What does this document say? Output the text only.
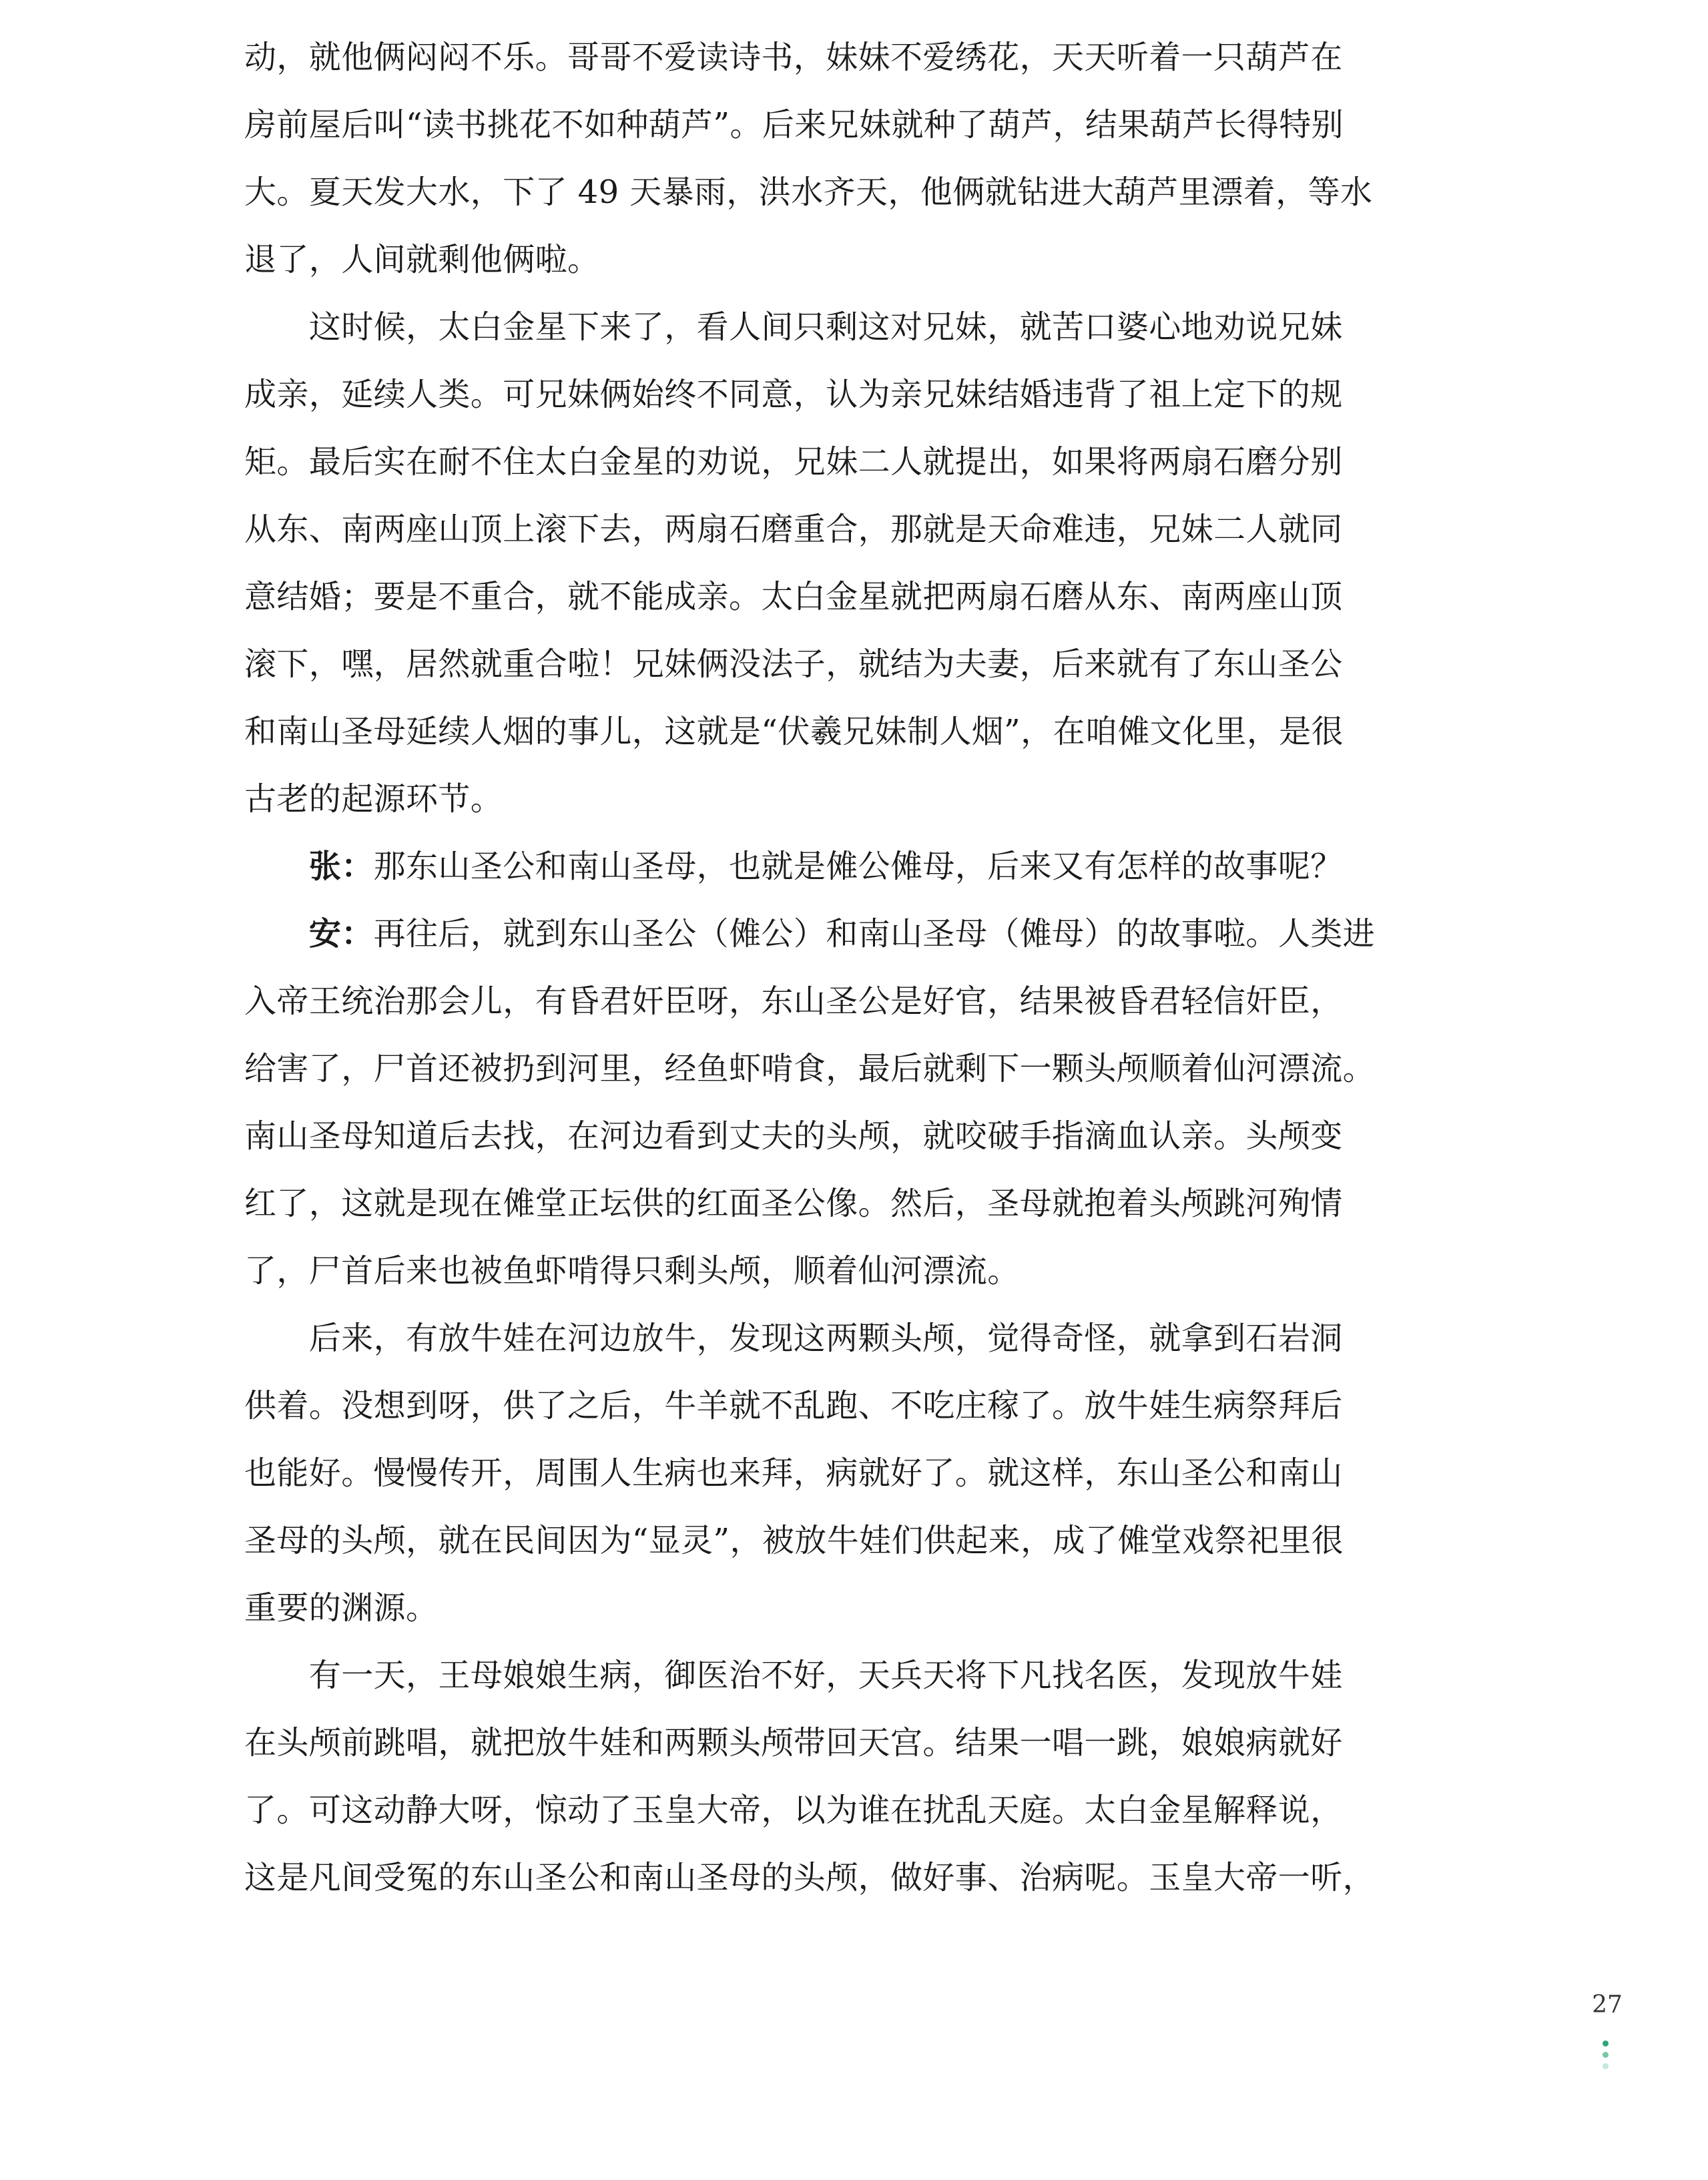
动，就他俩闷闷不乐。哥哥不爱读诗书，妹妹不爱绣花，天天听着一只葫芦在
房前屋后叫“读书挑花不如种葫芦”。后来兄妹就种了葫芦，结果葫芦长得特别
大。夏天发大水，下了 49 天暴雨，洪水齐天，他俩就钻进大葫芦里漂着，等水
退了，人间就剩他俩啦。
　　这时候，太白金星下来了，看人间只剩这对兄妹，就苦口婆心地劝说兄妹
成亲，延续人类。可兄妹俩始终不同意，认为亲兄妹结婚违背了祖上定下的规
矩。最后实在耐不住太白金星的劝说，兄妹二人就提出，如果将两扇石磨分别
从东、南两座山顶上滚下去，两扇石磨重合，那就是天命难违，兄妹二人就同
意结婚；要是不重合，就不能成亲。太白金星就把两扇石磨从东、南两座山顶
滚下，嘿，居然就重合啦！兄妹俩没法子，就结为夫妻，后来就有了东山圣公
和南山圣母延续人烟的事儿，这就是“伏羲兄妹制人烟”，在咱傩文化里，是很
古老的起源环节。
　　张：那东山圣公和南山圣母，也就是傩公傩母，后来又有怎样的故事呢？
　　安：再往后，就到东山圣公（傩公）和南山圣母（傩母）的故事啦。人类进
入帝王统治那会儿，有昏君奸臣呀，东山圣公是好官，结果被昏君轻信奸臣，
给害了，尸首还被扔到河里，经鱼虾啃食，最后就剩下一颗头颅顺着仙河漂流。
南山圣母知道后去找，在河边看到丈夫的头颅，就咬破手指滴血认亲。头颅变
红了，这就是现在傩堂正坛供的红面圣公像。然后，圣母就抱着头颅跳河殉情
了，尸首后来也被鱼虾啃得只剩头颅，顺着仙河漂流。
　　后来，有放牛娃在河边放牛，发现这两颗头颅，觉得奇怪，就拿到石岩洞
供着。没想到呀，供了之后，牛羊就不乱跑、不吃庄稼了。放牛娃生病祭拜后
也能好。慢慢传开，周围人生病也来拜，病就好了。就这样，东山圣公和南山
圣母的头颅，就在民间因为“显灵”，被放牛娃们供起来，成了傩堂戏祭祀里很
重要的渊源。
　　有一天，王母娘娘生病，御医治不好，天兵天将下凡找名医，发现放牛娃
在头颅前跳唱，就把放牛娃和两颗头颅带回天宫。结果一唱一跳，娘娘病就好
了。可这动静大呀，惊动了玉皇大帝，以为谁在扰乱天庭。太白金星解释说，
这是凡间受冤的东山圣公和南山圣母的头颅，做好事、治病呢。玉皇大帝一听，
27
